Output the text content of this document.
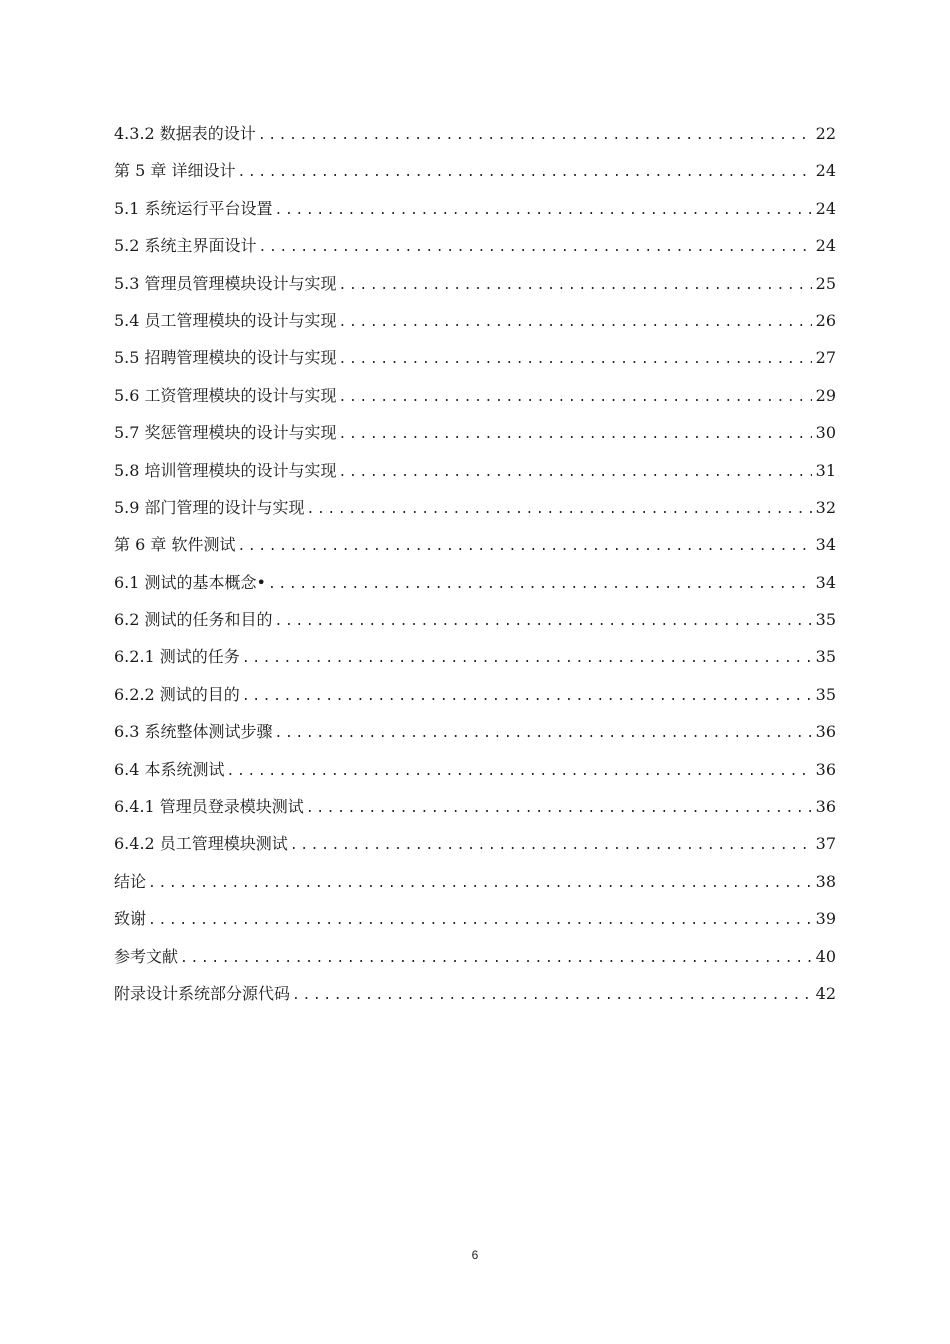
4.3.2 数据表的设计 .....	22
第 5 章 详细设计 .....	24
5.1 系统运行平台设置 .....	24
5.2 系统主界面设计 .....	24
5.3 管理员管理模块设计与实现 .....	25
5.4 员工管理模块的设计与实现 .....	26
5.5 招聘管理模块的设计与实现 .....	27
5.6 工资管理模块的设计与实现 .....	29
5.7 奖惩管理模块的设计与实现 .....	30
5.8 培训管理模块的设计与实现 .....	31
5.9 部门管理的设计与实现 .....	32
第 6 章 软件测试 .....	34
6.1 测试的基本概念• .....	34
6.2 测试的任务和目的 .....	35
6.2.1 测试的任务 .....	35
6.2.2 测试的目的 .....	35
6.3 系统整体测试步骤 .....	36
6.4 本系统测试 .....	36
6.4.1 管理员登录模块测试 .....	36
6.4.2 员工管理模块测试 .....	37
结论 .....	38
致谢 .....	39
参考文献 .....	40
附录设计系统部分源代码 .....	42
6
